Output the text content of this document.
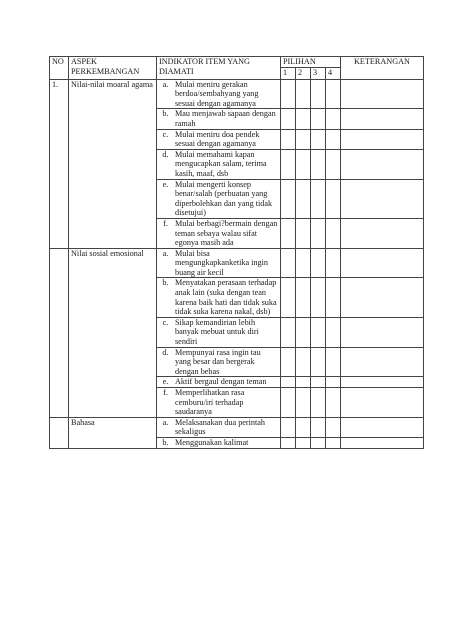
NO	ASPEK PERKEMBANGAN	INDIKATOR ITEM YANG DIAMATI	PILIHAN				KETERANGAN
			1	2	3	4	
1.	Nilai-nilai moaral agama	a. Mulai meniru gerakan berdoa/sembahyang yang sesuai dengan agamanya					

		b. Mau menjawab sapaan dengan ramah					

		c. Mulai meniru doa pendek sesuai dengan agamanya					

		d. Mulai memahami kapan mengucapkan salam, terima kasih, maaf, dsb					

		e. Mulai mengerti konsep benar/salah (perbuatan yang diperbolehkan dan yang tidak disetujui)					

		f. Mulai berbagi?bermain dengan teman sebaya walau sifat egonya masih ada					

	Nilai sosial emosional	a. Mulai bisa mengungkapkanketika ingin buang air kecil					

		b. Menyatakan perasaan terhadap anak lain (suka dengan tean karena baik hati dan tidak suka tidak suka karena nakal, dsb)					

		c. Sikap kemandirian lebih banyak mebuat untuk diri sendiri					

		d. Mempunyai rasa ingin tau yang besar dan bergerak dengan bebas					

		e. Aktif bergaul dengan teman					

		f. Memperlihatkan rasa cemburu/iri terhadap saudaranya					

	Bahasa	a. Melaksanakan dua perintah sekaligus					

		b. Menggunakan kalimat					
